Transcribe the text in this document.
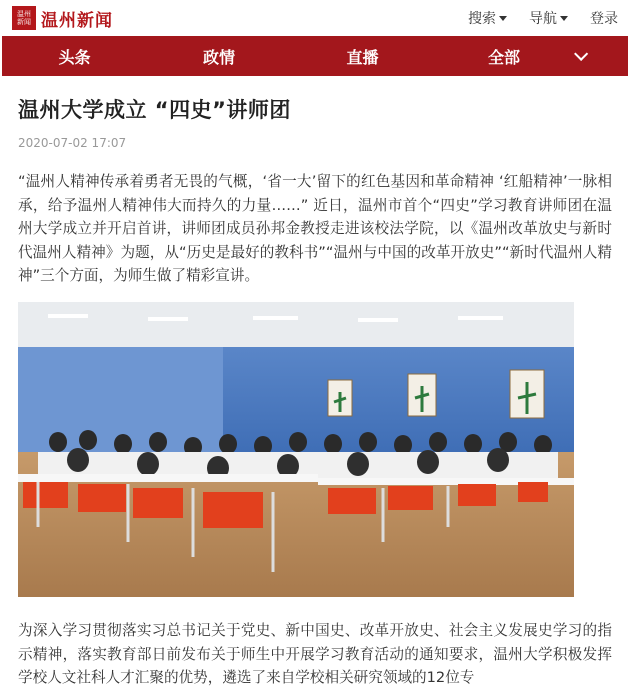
温州新闻 温州新闻	搜索 导航 登录
头条	政情	直播	全部
温州大学成立 “四史”讲师团
2020-07-02 17:07

“温州人精神传承着勇者无畏的气概，‘省一大’留下的红色基因和革命精神 ‘红船精神’一脉相承，给予温州人精神伟大而持久的力量……” 近日，温州市首个“四史”学习教育讲师团在温州大学成立并开启首讲，讲师团成员孙邦金教授走进该校法学院，以《温州改革放史与新时代温州人精神》为题，从“历史是最好的教科书”“温州与中国的改革开放史”“新时代温州人精神”三个方面，为师生做了精彩宣讲。

为深入学习贯彻落实习总书记关于党史、新中国史、改革开放史、社会主义发展史学习的指示精神，落实教育部日前发布关于师生中开展学习教育活动的通知要求，温州大学积极发挥学校人文社科人才汇聚的优势，遴选了来自学校相关研究领域的12位专
